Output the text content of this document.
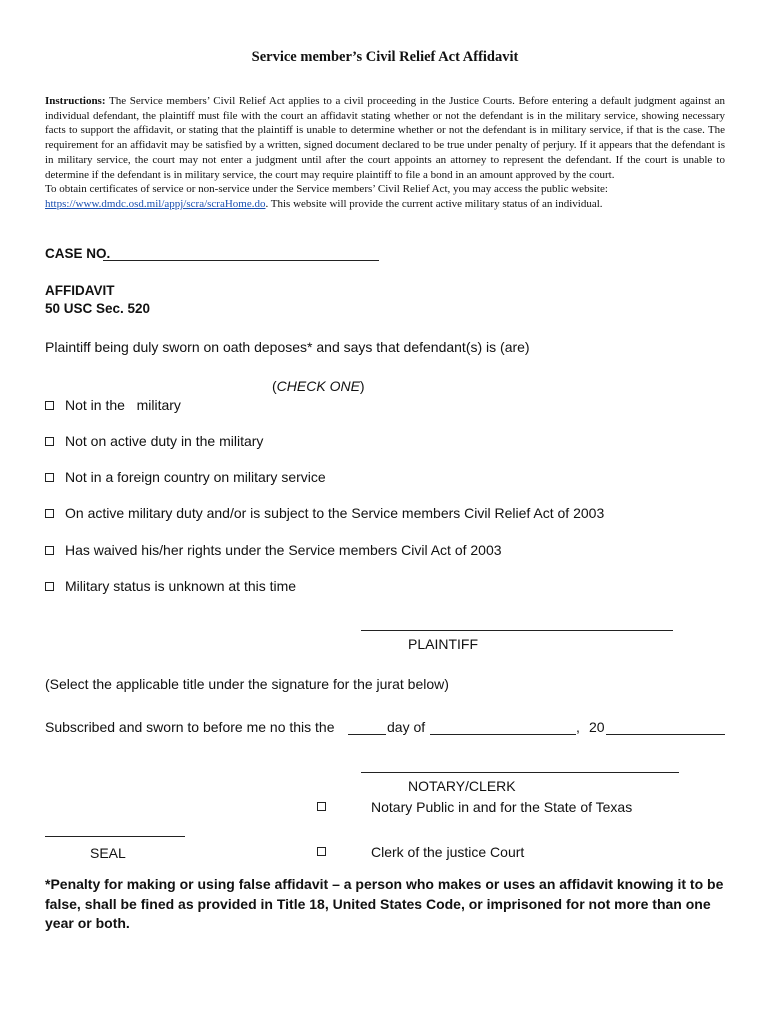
Service member’s Civil Relief Act Affidavit
Instructions: The Service members’ Civil Relief Act applies to a civil proceeding in the Justice Courts. Before entering a default judgment against an individual defendant, the plaintiff must file with the court an affidavit stating whether or not the defendant is in the military service, showing necessary facts to support the affidavit, or stating that the plaintiff is unable to determine whether or not the defendant is in military service, if that is the case. The requirement for an affidavit may be satisfied by a written, signed document declared to be true under penalty of perjury. If it appears that the defendant is in military service, the court may not enter a judgment until after the court appoints an attorney to represent the defendant. If the court is unable to determine if the defendant is in military service, the court may require plaintiff to file a bond in an amount approved by the court.
To obtain certificates of service or non-service under the Service members’ Civil Relief Act, you may access the public website:
https://www.dmdc.osd.mil/appj/scra/scraHome.do. This website will provide the current active military status of an individual.
CASE NO.
AFFIDAVIT
50 USC Sec. 520
Plaintiff being duly sworn on oath deposes* and says that defendant(s) is (are)
(CHECK ONE)
Not in the   military
Not on active duty in the military
Not in a foreign country on military service
On active military duty and/or is subject to the Service members Civil Relief Act of 2003
Has waived his/her rights under the Service members Civil Act of 2003
Military status is unknown at this time
PLAINTIFF
(Select the applicable title under the signature for the jurat below)
Subscribed and sworn to before me no this the	day of	, 20
NOTARY/CLERK
Notary Public in and for the State of Texas
SEAL	Clerk of the justice Court
*Penalty for making or using false affidavit – a person who makes or uses an affidavit knowing it to be false, shall be fined as provided in Title 18, United States Code, or imprisoned for not more than one year or both.
